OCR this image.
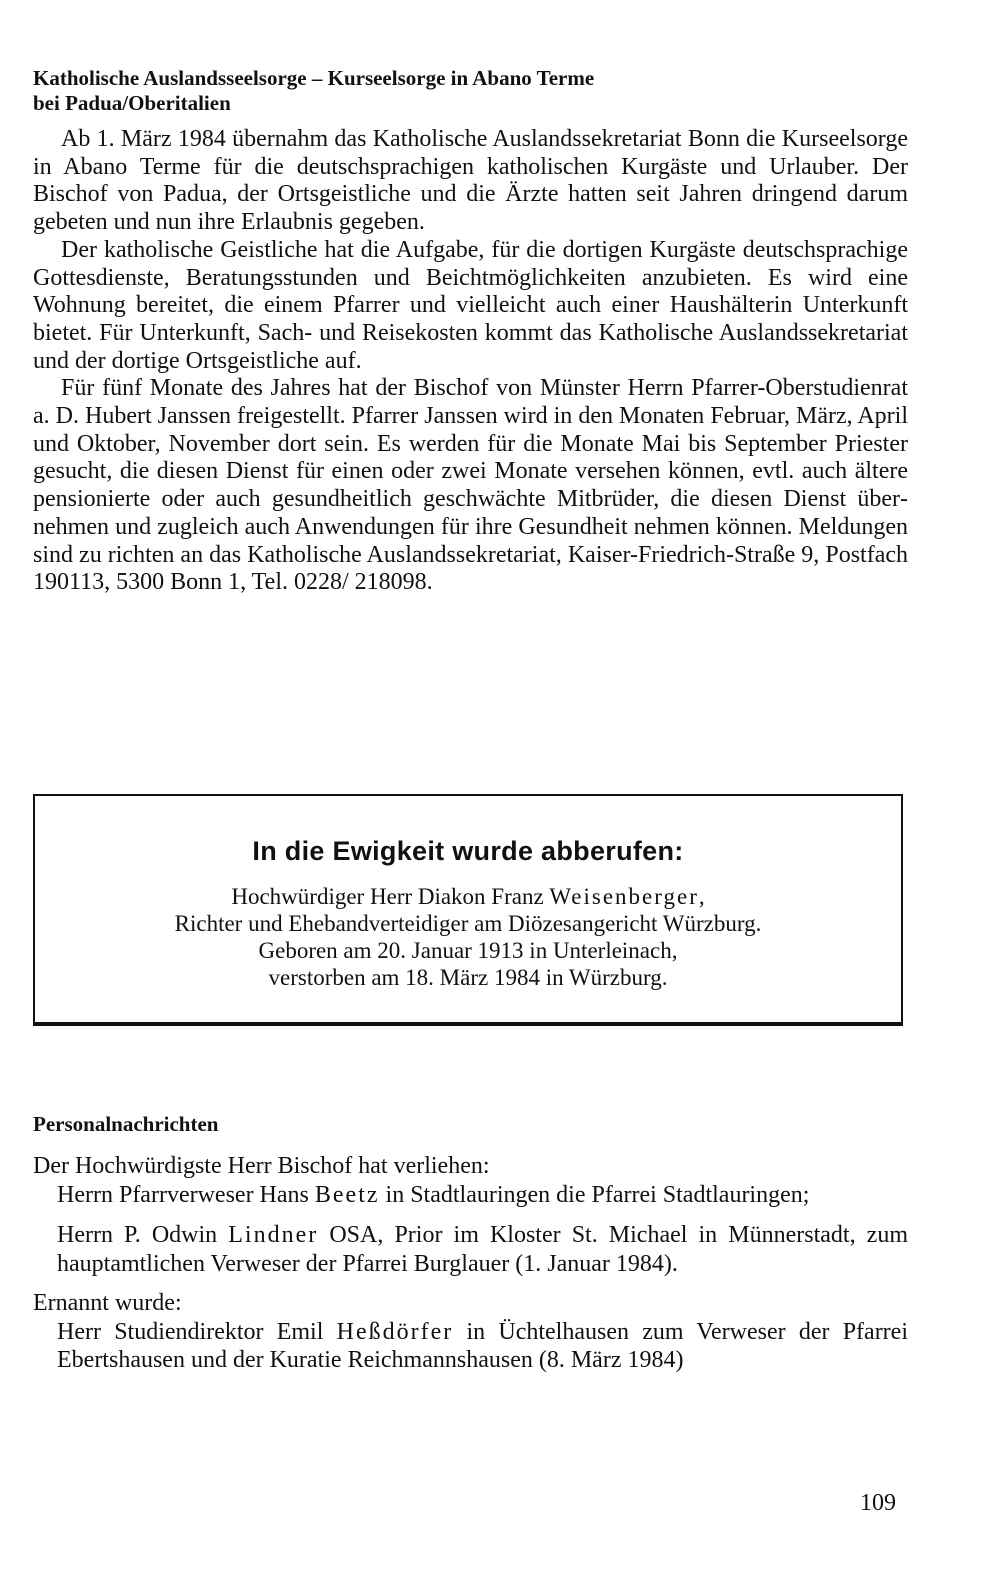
Katholische Auslandsseelsorge – Kurseelsorge in Abano Terme
bei Padua/Oberitalien

Ab 1. März 1984 übernahm das Katholische Auslandssekretariat Bonn die Kurseelsorge in Abano Terme für die deutschsprachigen katholischen Kurgäste und Urlauber. Der Bischof von Padua, der Ortsgeistliche und die Ärzte hatten seit Jahren dringend darum gebeten und nun ihre Erlaubnis gegeben.

Der katholische Geistliche hat die Aufgabe, für die dortigen Kurgäste deutschsprachige Gottesdienste, Beratungsstunden und Beichtmöglichkeiten anzubieten. Es wird eine Wohnung bereitet, die einem Pfarrer und vielleicht auch einer Haushälterin Unterkunft bietet. Für Unterkunft, Sach- und Reisekosten kommt das Katholische Auslandssekretariat und der dortige Ortsgeistliche auf.

Für fünf Monate des Jahres hat der Bischof von Münster Herrn Pfarrer-Oberstudienrat a. D. Hubert Janssen freigestellt. Pfarrer Janssen wird in den Monaten Februar, März, April und Oktober, November dort sein. Es werden für die Monate Mai bis September Priester gesucht, die diesen Dienst für einen oder zwei Monate versehen können, evtl. auch ältere pensionierte oder auch gesundheitlich geschwächte Mitbrüder, die diesen Dienst übernehmen und zugleich auch Anwendungen für ihre Gesundheit nehmen können. Meldungen sind zu richten an das Katholische Auslandssekretariat, Kaiser-Friedrich-Straße 9, Postfach 190113, 5300 Bonn 1, Tel. 0228/ 218098.

In die Ewigkeit wurde abberufen:

Hochwürdiger Herr Diakon Franz Weisenberger,

Richter und Ehebandverteidiger am Diözesangericht Würzburg.

Geboren am 20. Januar 1913 in Unterleinach,

verstorben am 18. März 1984 in Würzburg.

Personalnachrichten

Der Hochwürdigste Herr Bischof hat verliehen:

Herrn Pfarrverweser Hans Beetz in Stadtlauringen die Pfarrei Stadtlauringen;

Herrn P. Odwin Lindner OSA, Prior im Kloster St. Michael in Münnerstadt, zum hauptamtlichen Verweser der Pfarrei Burglauer (1. Januar 1984).

Ernannt wurde:

Herr Studiendirektor Emil Heßdörfer in Üchtelhausen zum Verweser der Pfarrei Ebertshausen und der Kuratie Reichmannshausen (8. März 1984)

109
